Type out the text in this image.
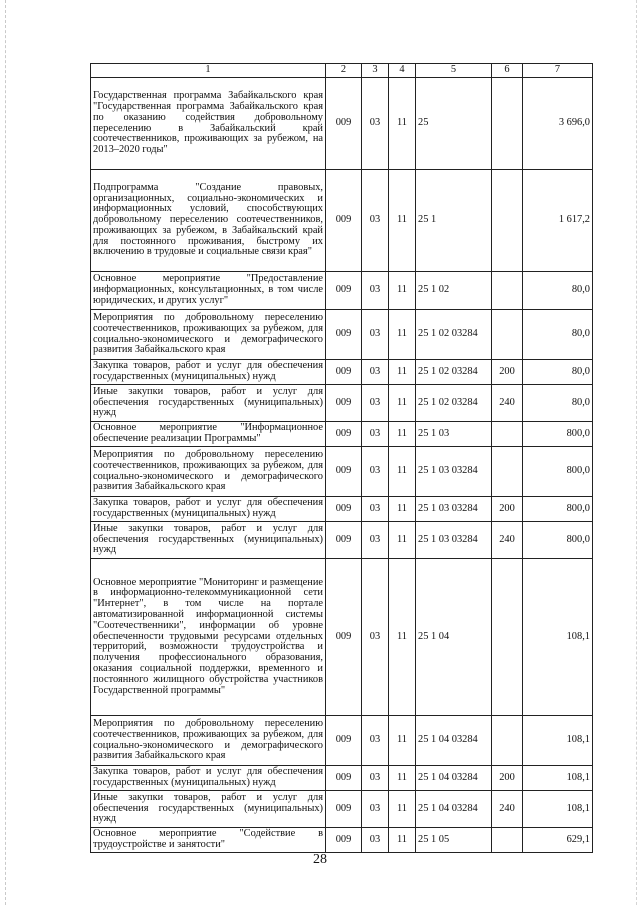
1	2	3	4	5	6	7
Государственная программа Забайкальского края "Государственная программа Забайкальского края по оказанию содействия добровольному переселению в Забайкальский край соотечественников, проживающих за рубежом, на 2013–2020 годы"	009	03	11	25		3 696,0
Подпрограмма "Создание правовых, организационных, социально-экономических и информационных условий, способствующих добровольному переселению соотечественников, проживающих за рубежом, в Забайкальский край для постоянного проживания, быстрому их включению в трудовые и социальные связи края"	009	03	11	25 1		1 617,2
Основное мероприятие "Предоставление информационных, консультационных, в том числе юридических, и других услуг"	009	03	11	25 1 02		80,0
Мероприятия по добровольному переселению соотечественников, проживающих за рубежом, для социально-экономического и демографического развития Забайкальского края	009	03	11	25 1 02 03284		80,0
Закупка товаров, работ и услуг для обеспечения государственных (муниципальных) нужд	009	03	11	25 1 02 03284	200	80,0
Иные закупки товаров, работ и услуг для обеспечения государственных (муниципальных) нужд	009	03	11	25 1 02 03284	240	80,0
Основное мероприятие "Информационное обеспечение реализации Программы"	009	03	11	25 1 03		800,0
Мероприятия по добровольному переселению соотечественников, проживающих за рубежом, для социально-экономического и демографического развития Забайкальского края	009	03	11	25 1 03 03284		800,0
Закупка товаров, работ и услуг для обеспечения государственных (муниципальных) нужд	009	03	11	25 1 03 03284	200	800,0
Иные закупки товаров, работ и услуг для обеспечения государственных (муниципальных) нужд	009	03	11	25 1 03 03284	240	800,0
Основное мероприятие "Мониторинг и размещение в информационно-телекоммуникационной сети "Интернет", в том числе на портале автоматизированной информационной системы "Соотечественники", информации об уровне обеспеченности трудовыми ресурсами отдельных территорий, возможности трудоустройства и получения профессионального образования, оказания социальной поддержки, временного и постоянного жилищного обустройства участников Государственной программы"	009	03	11	25 1 04		108,1
Мероприятия по добровольному переселению соотечественников, проживающих за рубежом, для социально-экономического и демографического развития Забайкальского края	009	03	11	25 1 04 03284		108,1
Закупка товаров, работ и услуг для обеспечения государственных (муниципальных) нужд	009	03	11	25 1 04 03284	200	108,1
Иные закупки товаров, работ и услуг для обеспечения государственных (муниципальных) нужд	009	03	11	25 1 04 03284	240	108,1
Основное мероприятие "Содействие в трудоустройстве и занятости"	009	03	11	25 1 05		629,1
28
